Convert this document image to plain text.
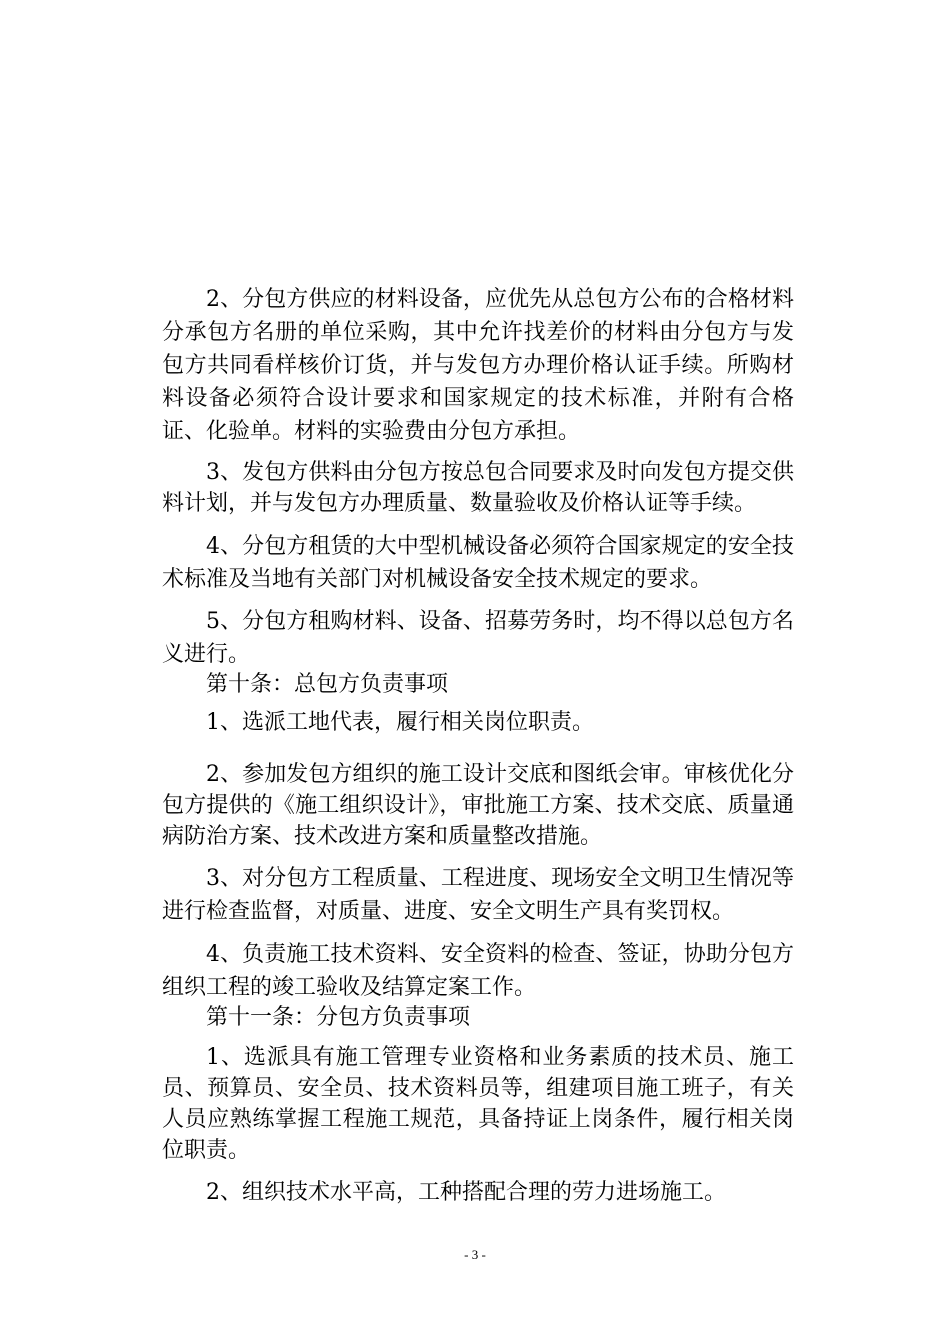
2、分包方供应的材料设备，应优先从总包方公布的合格材料分承包方名册的单位采购，其中允许找差价的材料由分包方与发包方共同看样核价订货，并与发包方办理价格认证手续。所购材料设备必须符合设计要求和国家规定的技术标准，并附有合格证、化验单。材料的实验费由分包方承担。

3、发包方供料由分包方按总包合同要求及时向发包方提交供料计划，并与发包方办理质量、数量验收及价格认证等手续。

4、分包方租赁的大中型机械设备必须符合国家规定的安全技术标准及当地有关部门对机械设备安全技术规定的要求。

5、分包方租购材料、设备、招募劳务时，均不得以总包方名义进行。

第十条：总包方负责事项

1、选派工地代表，履行相关岗位职责。

2、参加发包方组织的施工设计交底和图纸会审。审核优化分包方提供的《施工组织设计》，审批施工方案、技术交底、质量通病防治方案、技术改进方案和质量整改措施。

3、对分包方工程质量、工程进度、现场安全文明卫生情况等进行检查监督，对质量、进度、安全文明生产具有奖罚权。

4、负责施工技术资料、安全资料的检查、签证，协助分包方组织工程的竣工验收及结算定案工作。

第十一条：分包方负责事项

1、选派具有施工管理专业资格和业务素质的技术员、施工员、预算员、安全员、技术资料员等，组建项目施工班子，有关人员应熟练掌握工程施工规范，具备持证上岗条件，履行相关岗位职责。

2、组织技术水平高，工种搭配合理的劳力进场施工。

- 3 -
